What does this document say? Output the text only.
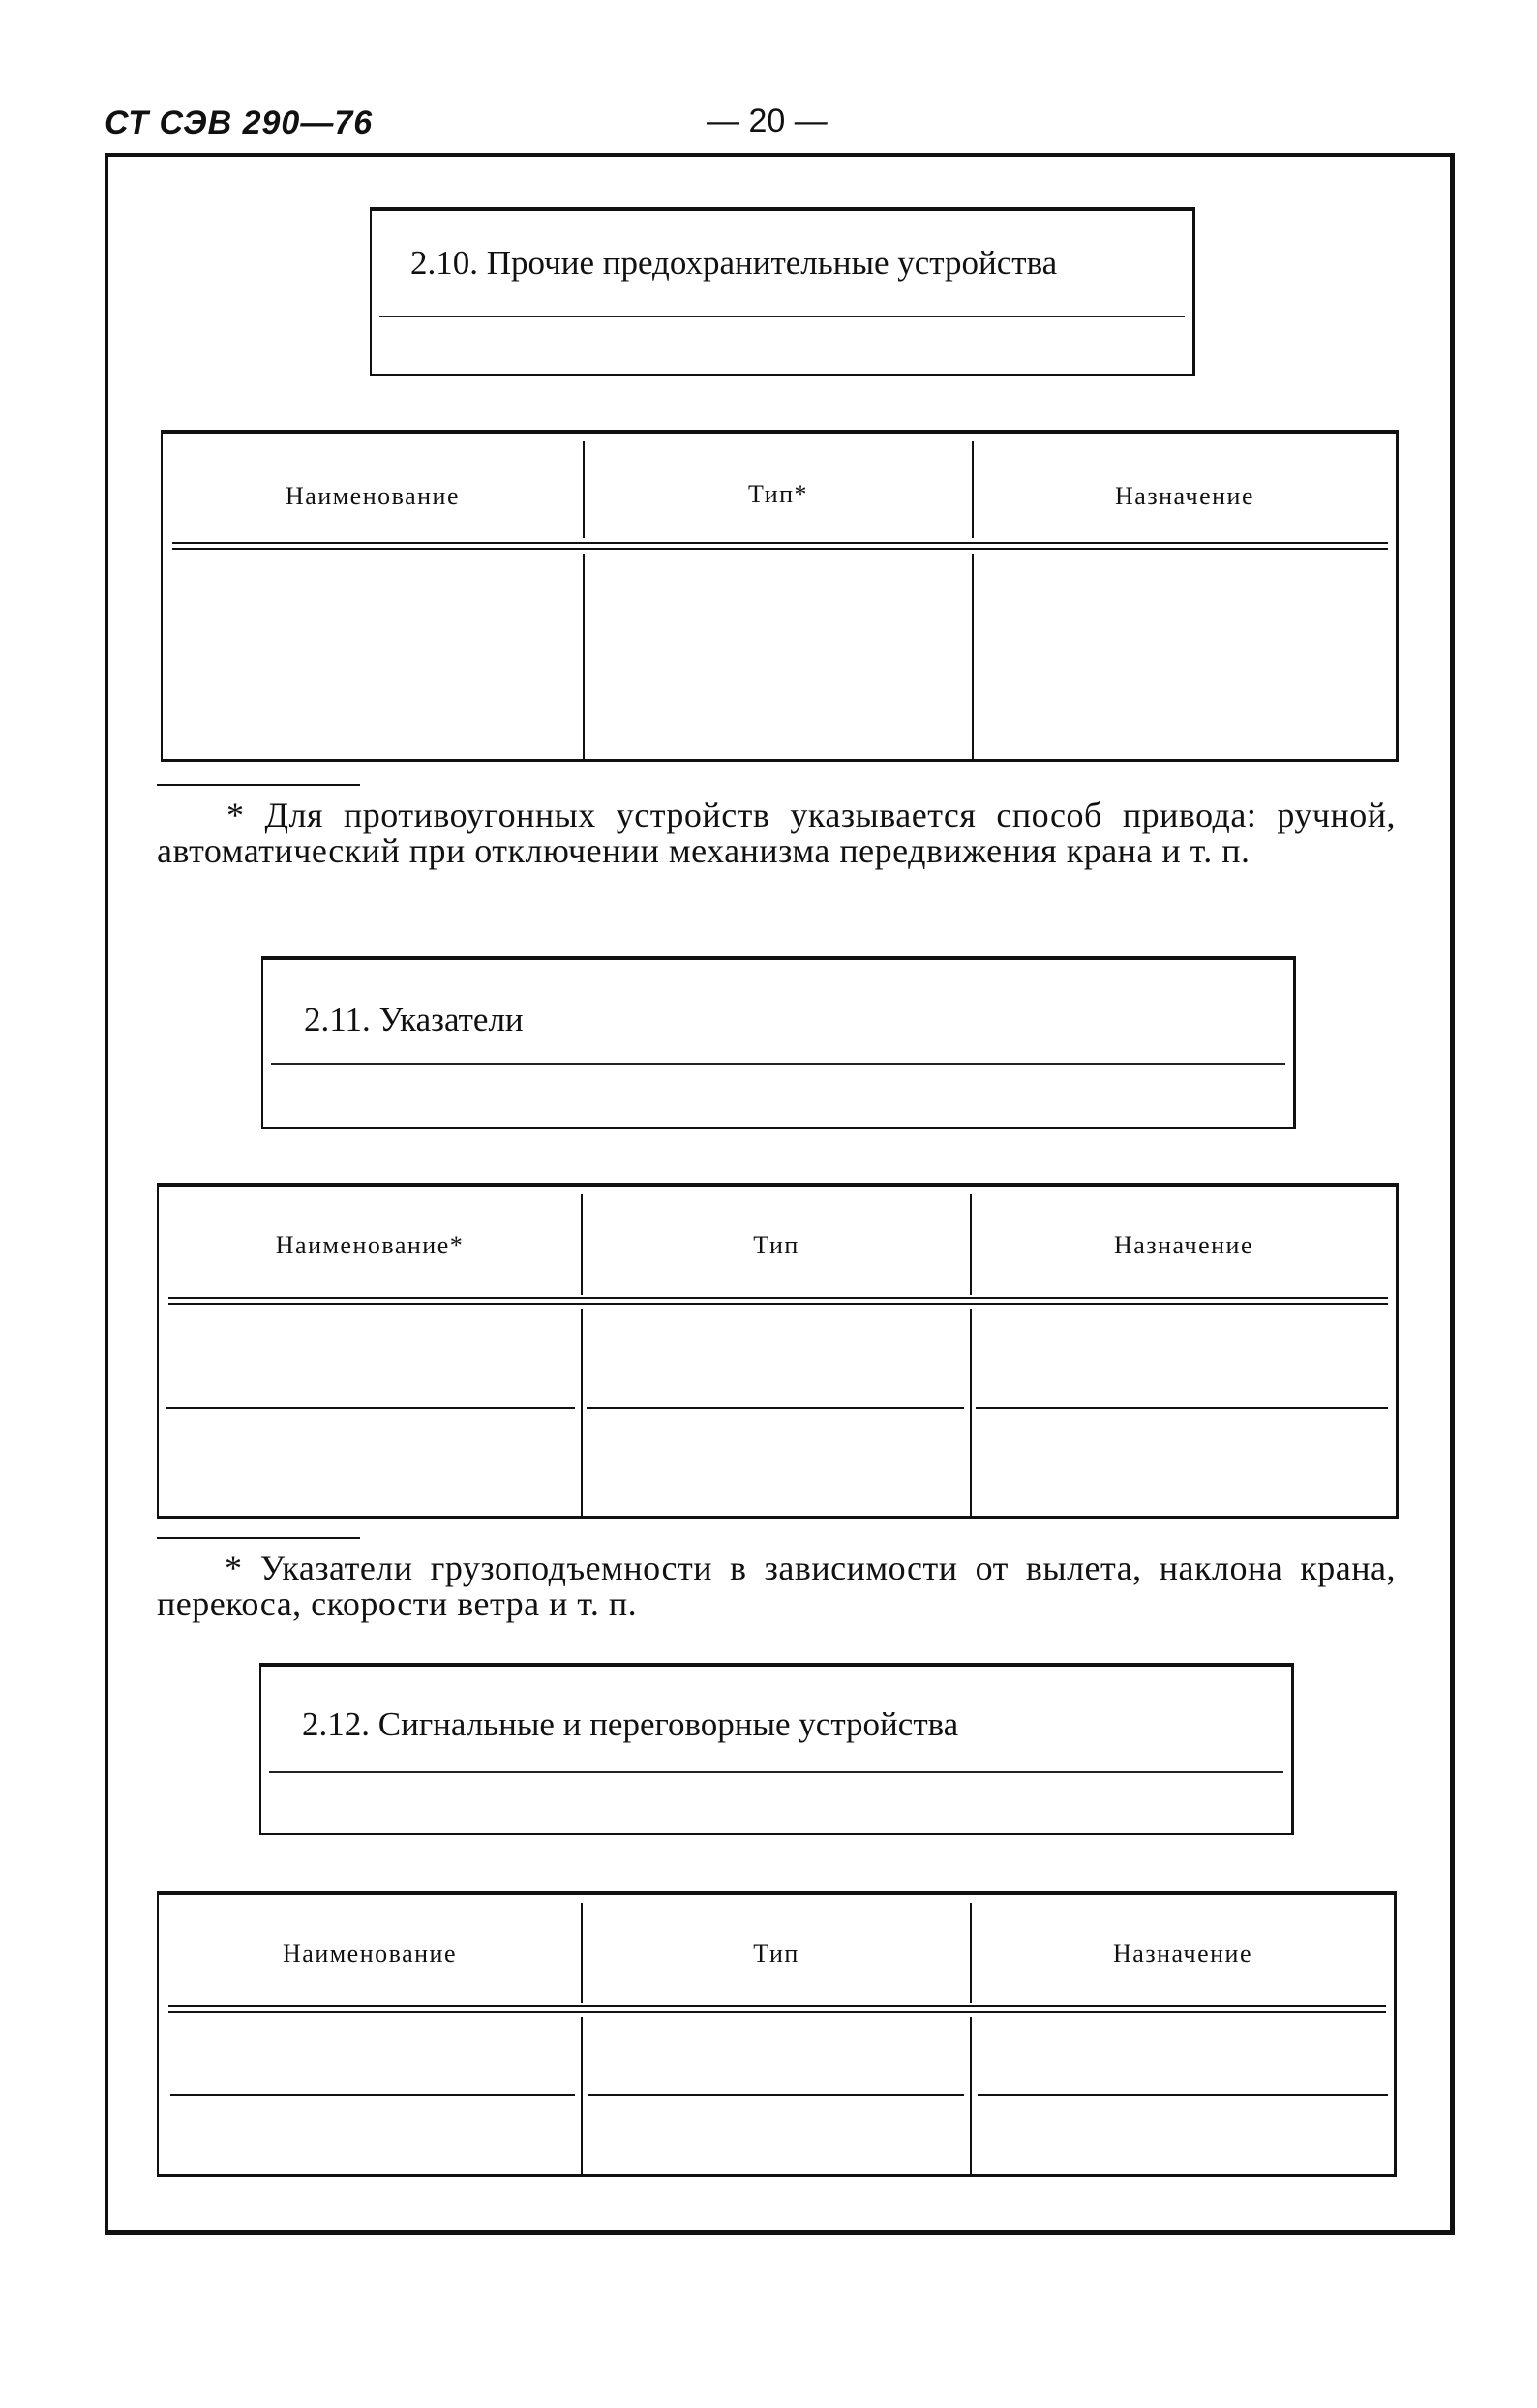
СТ СЭВ 290—76	— 20 —
2.10. Прочие предохранительные устройства
Наименование	Тип*	Назначение
* Для противоугонных устройств указывается способ привода: ручной, автоматический при отключении механизма передвижения крана и т. п.
2.11. Указатели
Наименование*	Тип	Назначение
* Указатели грузоподъемности в зависимости от вылета, наклона крана, перекоса, скорости ветра и т. п.
2.12. Сигнальные и переговорные устройства
Наименование	Тип	Назначение
